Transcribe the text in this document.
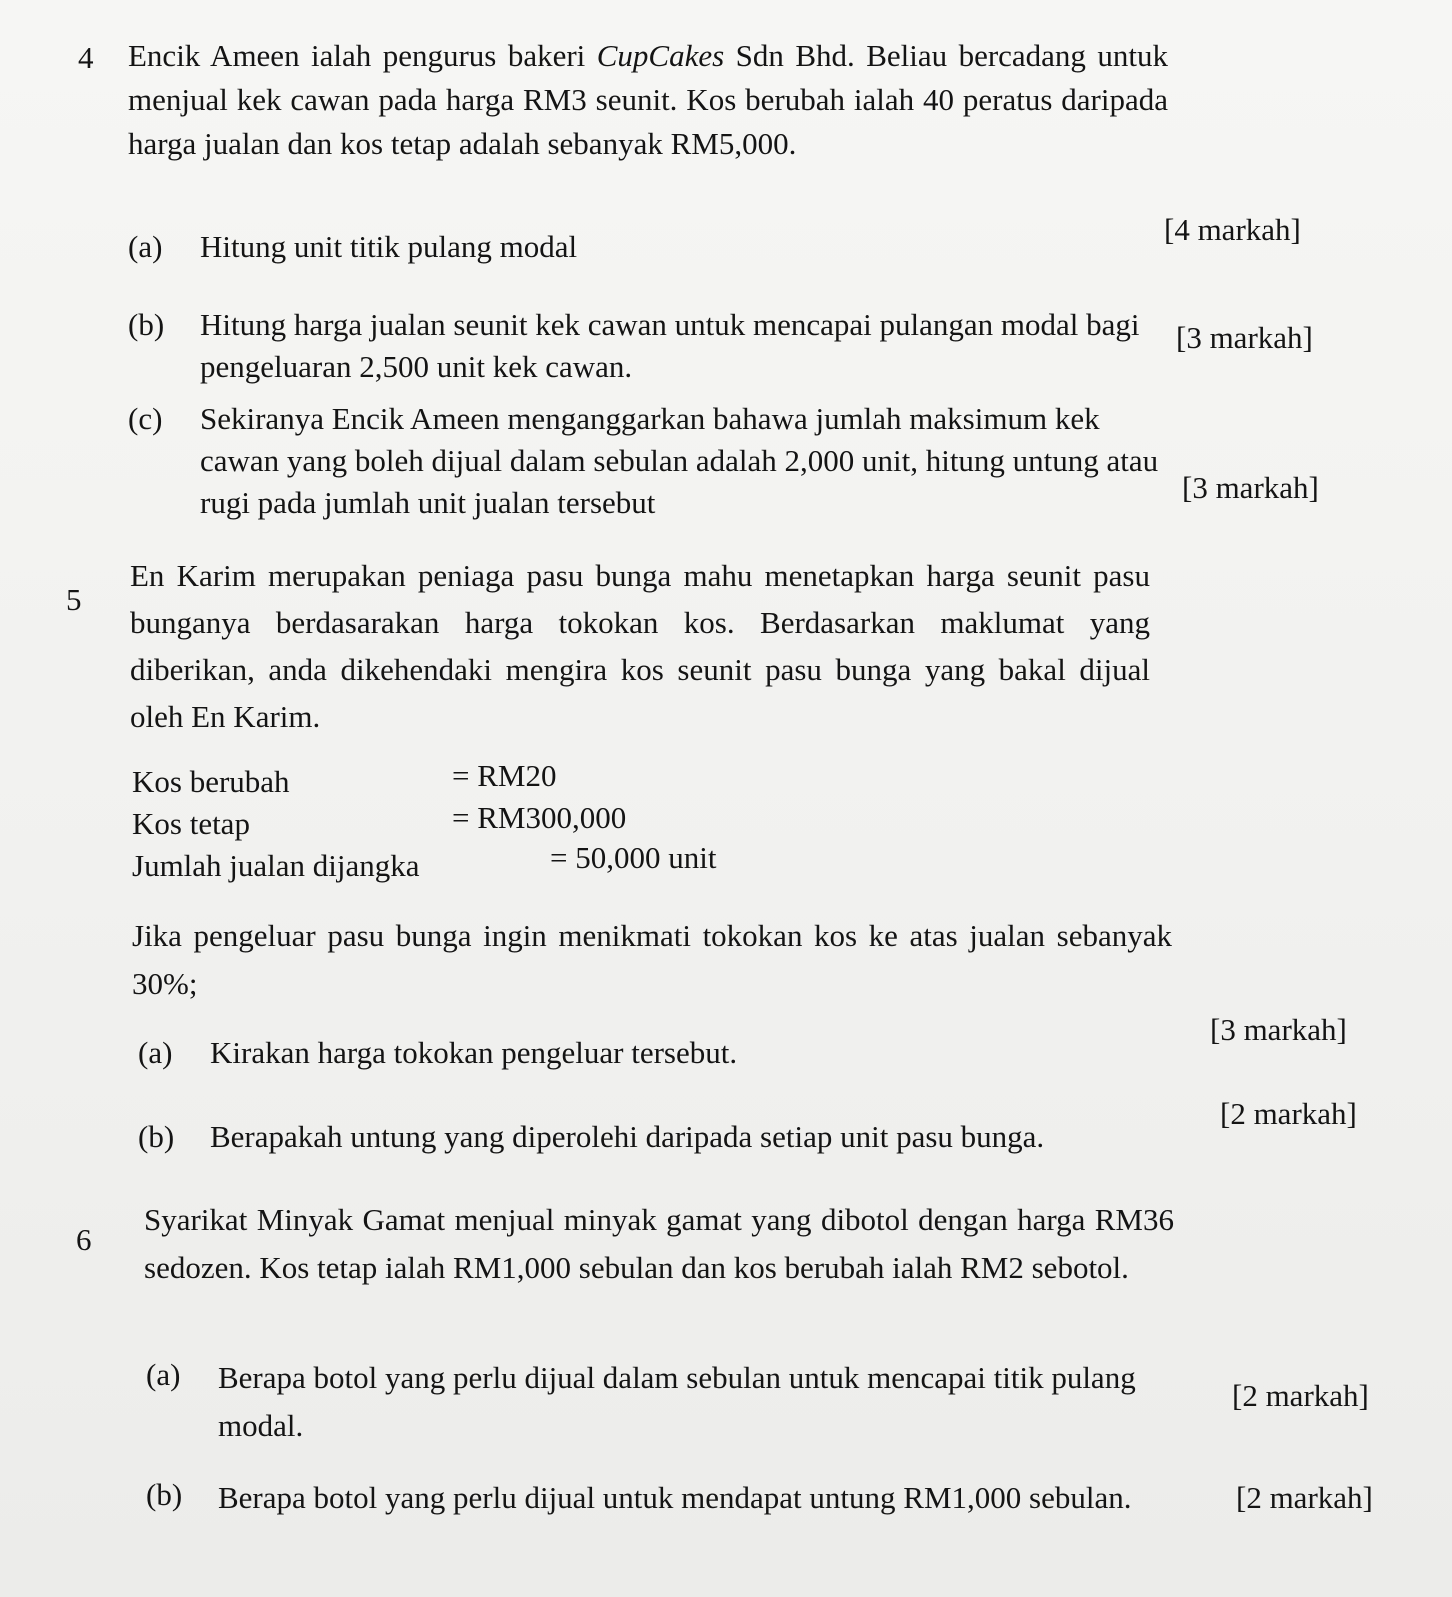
4 Encik Ameen ialah pengurus bakeri CupCakes Sdn Bhd. Beliau bercadang untuk menjual kek cawan pada harga RM3 seunit. Kos berubah ialah 40 peratus daripada harga jualan dan kos tetap adalah sebanyak RM5,000.
(a) Hitung unit titik pulang modal	[4 markah]
(b) Hitung harga jualan seunit kek cawan untuk mencapai pulangan modal bagi pengeluaran 2,500 unit kek cawan.
[3 markah]
(c) Sekiranya Encik Ameen menganggarkan bahawa jumlah maksimum kek cawan yang boleh dijual dalam sebulan adalah 2,000 unit, hitung untung atau rugi pada jumlah unit jualan tersebut	[3 markah]
5
En Karim merupakan peniaga pasu bunga mahu menetapkan harga seunit pasu bunganya berdasarakan harga tokokan kos. Berdasarkan maklumat yang diberikan, anda dikehendaki mengira kos seunit pasu bunga yang bakal dijual oleh En Karim.
Kos berubah	= RM20
Kos tetap	= RM300,000
Jumlah jualan dijangka	= 50,000 unit
Jika pengeluar pasu bunga ingin menikmati tokokan kos ke atas jualan sebanyak 30%;
(a) Kirakan harga tokokan pengeluar tersebut.
[3 markah]
(b) Berapakah untung yang diperolehi daripada setiap unit pasu bunga.
[2 markah]
6
Syarikat Minyak Gamat menjual minyak gamat yang dibotol dengan harga RM36 sedozen. Kos tetap ialah RM1,000 sebulan dan kos berubah ialah RM2 sebotol.
(a) Berapa botol yang perlu dijual dalam sebulan untuk mencapai titik pulang modal.
[2 markah]
(b) Berapa botol yang perlu dijual untuk mendapat untung RM1,000 sebulan.	[2 markah]
